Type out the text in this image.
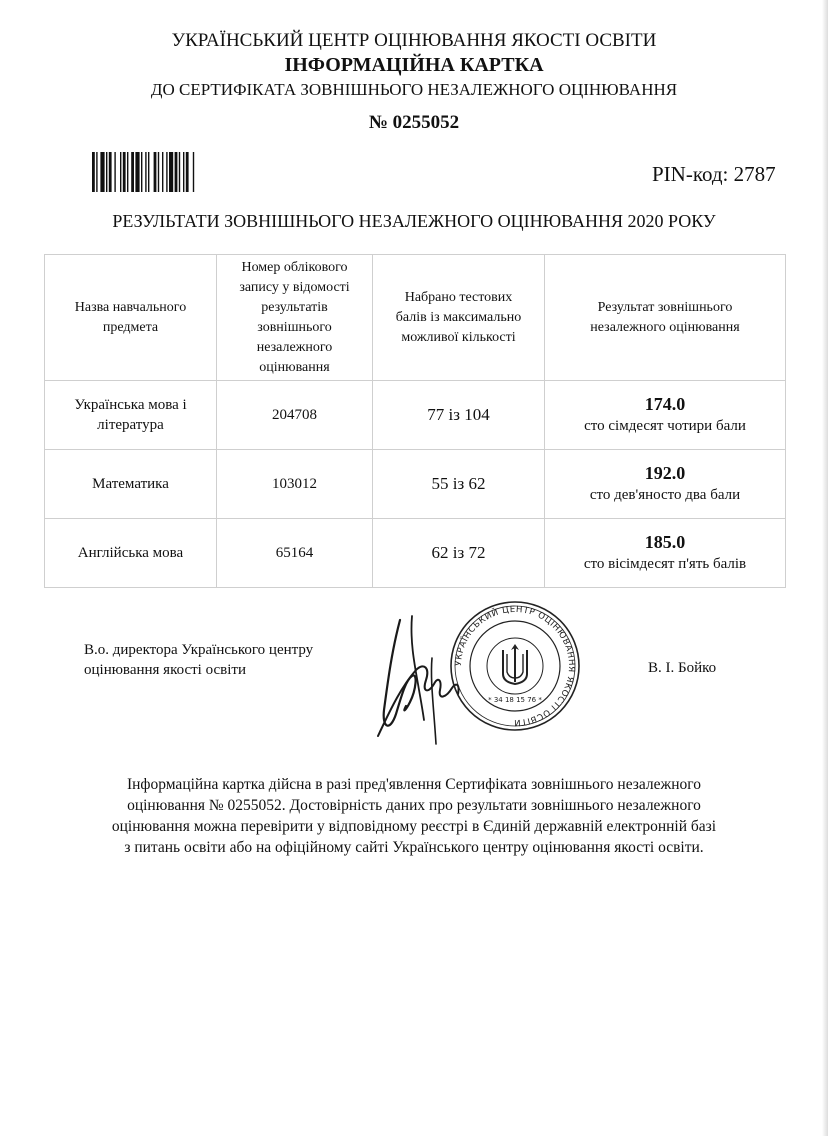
УКРАЇНСЬКИЙ ЦЕНТР ОЦІНЮВАННЯ ЯКОСТІ ОСВІТИ
ІНФОРМАЦІЙНА КАРТКА
ДО СЕРТИФІКАТА ЗОВНІШНЬОГО НЕЗАЛЕЖНОГО ОЦІНЮВАННЯ
№ 0255052
PIN-код: 2787
РЕЗУЛЬТАТИ ЗОВНІШНЬОГО НЕЗАЛЕЖНОГО ОЦІНЮВАННЯ 2020 РОКУ
Назва навчального предмета	Номер облікового запису у відомості результатів зовнішнього незалежного оцінювання	Набрано тестових балів із максимально можливої кількості	Результат зовнішнього незалежного оцінювання
Українська мова і література	204708	77 із 104	174.0
сто сімдесят чотири бали

Математика	103012	55 із 62	192.0
сто дев'яносто два бали

Англійська мова	65164	62 із 72	185.0
сто вісімдесят п'ять балів
В.о. директора Українського центру
оцінювання якості освіти	УКРАЇНСЬКИЙ ЦЕНТР ОЦІНЮВАННЯ ЯКОСТІ ОСВІТИ
* 34 18 15 76 *
В. І. Бойко
Інформаційна картка дійсна в разі пред'явлення Сертифіката зовнішнього незалежного
оцінювання № 0255052. Достовірність даних про результати зовнішнього незалежного
оцінювання можна перевірити у відповідному реєстрі в Єдиній державній електронній базі
з питань освіти або на офіційному сайті Українського центру оцінювання якості освіти.
